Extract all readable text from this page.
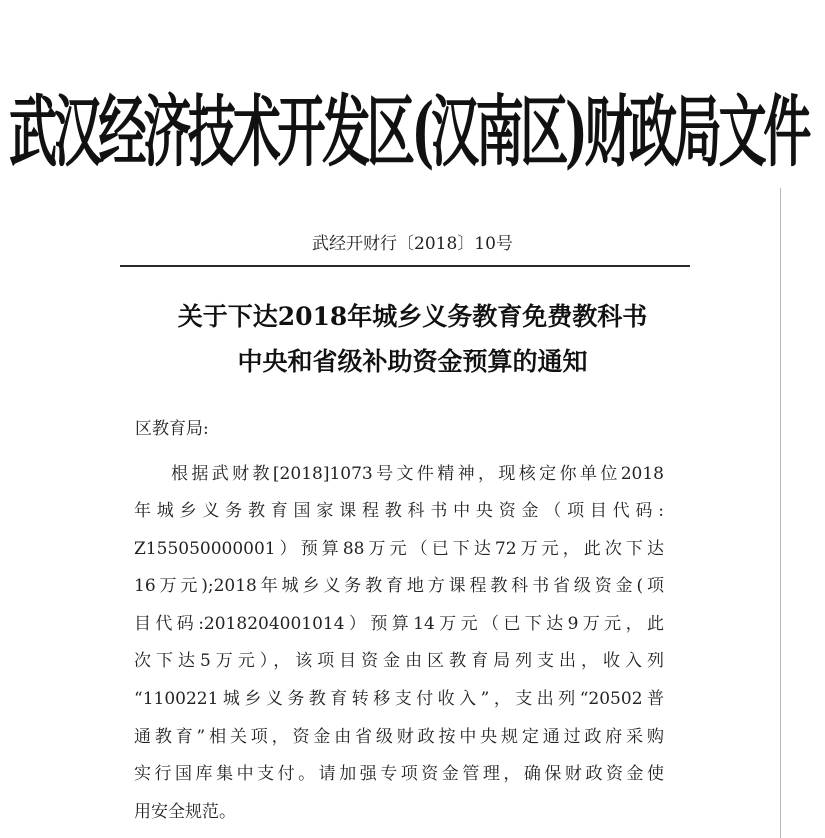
武汉经济技术开发区(汉南区)财政局文件
武经开财行〔2018〕10号
关于下达2018年城乡义务教育免费教科书
中央和省级补助资金预算的通知
区教育局:
根据武财教[2018]1073号文件精神，现核定你单位2018
年城乡义务教育国家课程教科书中央资金（项目代码:
Z155050000001）预算88万元（已下达72万元，此次下达
16万元);2018年城乡义务教育地方课程教科书省级资金(项
目代码:2018204001014）预算14万元（已下达9万元，此
次下达5万元），该项目资金由区教育局列支出，收入列
“1100221城乡义务教育转移支付收入”，支出列“20502普
通教育”相关项，资金由省级财政按中央规定通过政府采购
实行国库集中支付。请加强专项资金管理，确保财政资金使
用安全规范。
